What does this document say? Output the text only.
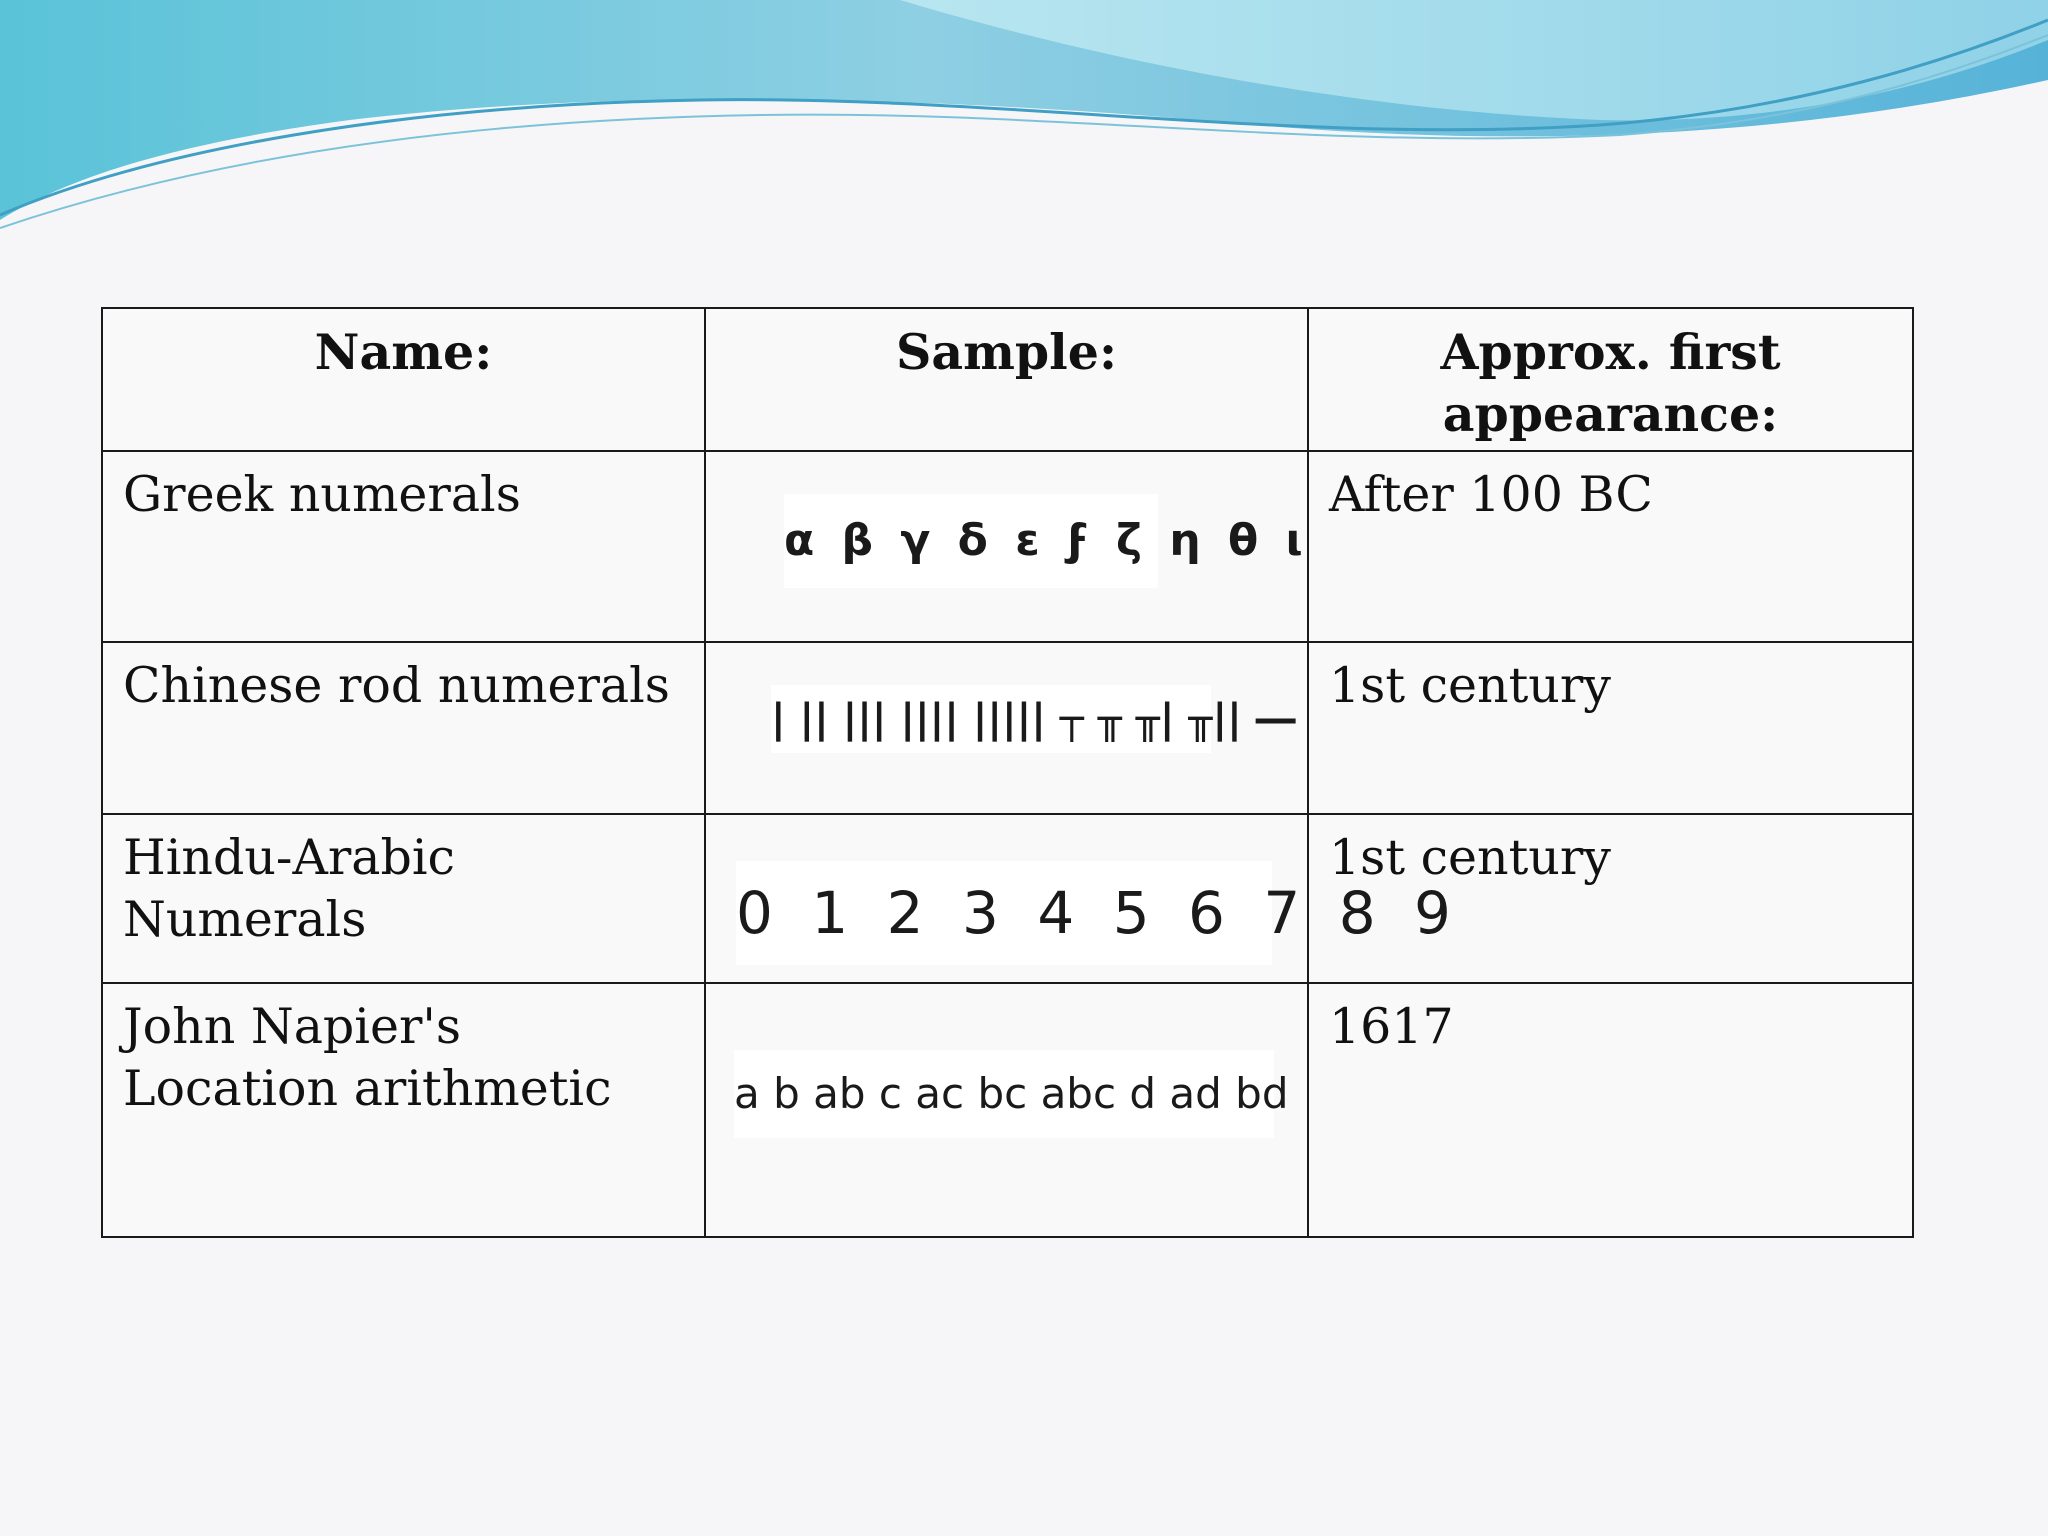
Name:	Sample:	Approx. first appearance:
Greek numerals	α β γ δ ε ϝ ζ η θ ι	After 100 BC
Chinese rod numerals	| || ||| |||| ||||| ┬ ╥ ╥| ╥|| ―	1st century
Hindu-Arabic Numerals	0 1 2 3 4 5 6 7 8 9	1st century
John Napier's Location arithmetic	a b ab c ac bc abc d ad bd	1617
